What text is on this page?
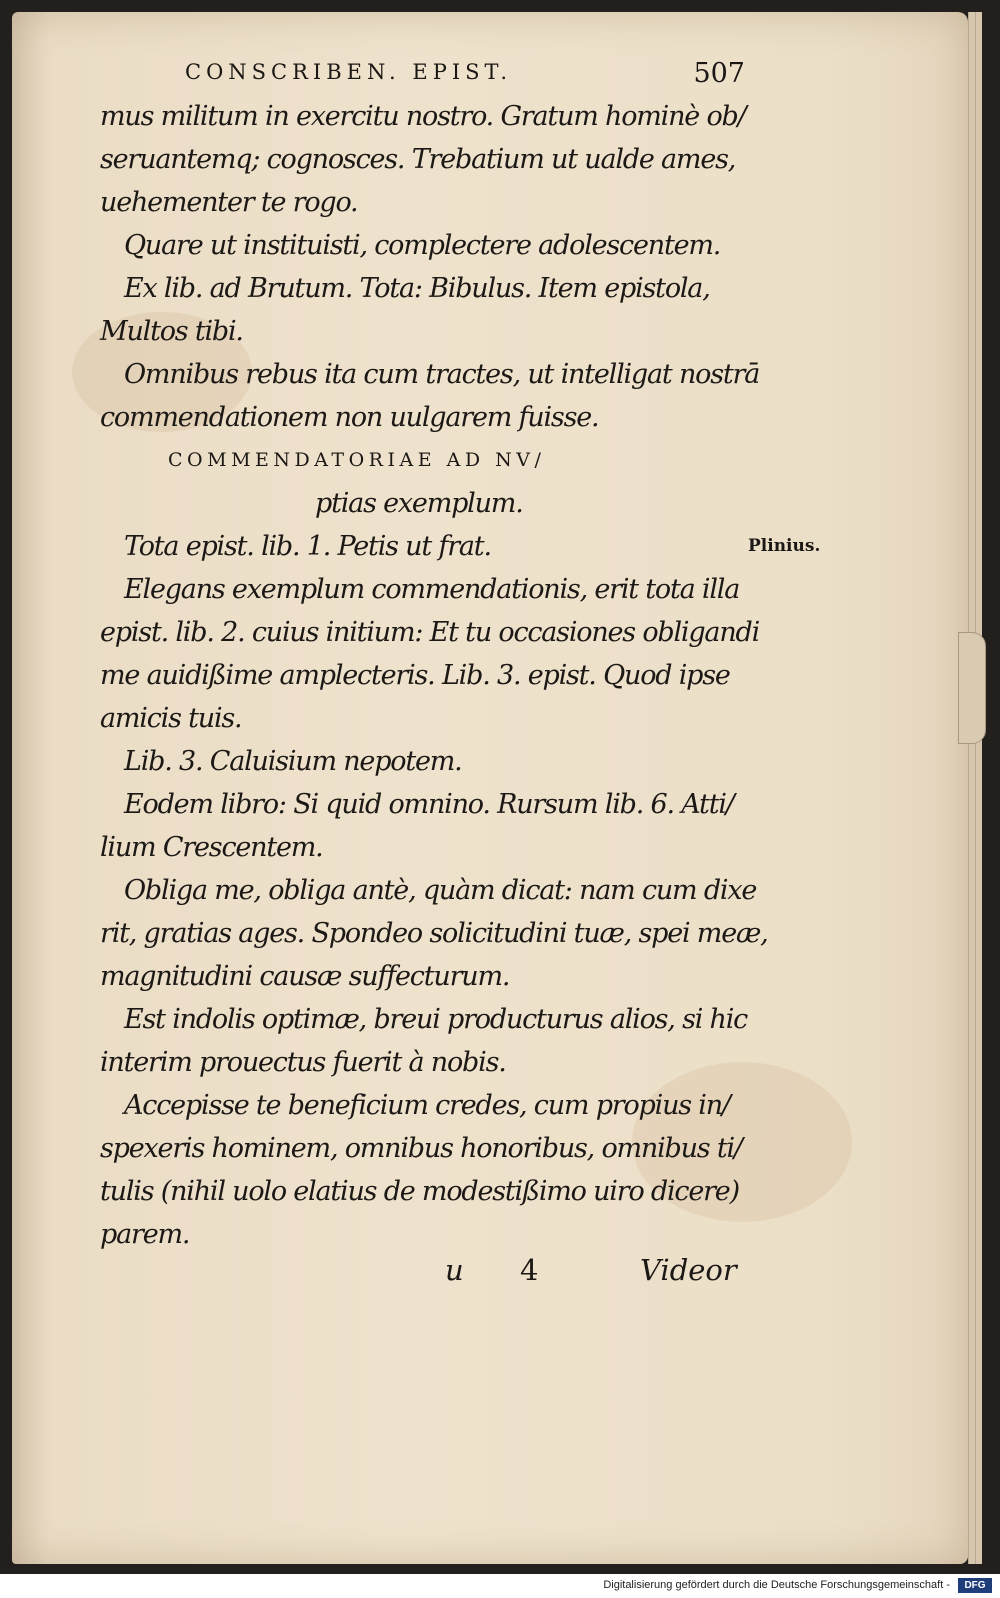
CONSCRIBEN. EPIST.	507
mus militum in exercitu nostro. Gratum hominè ob/
seruantemq; cognosces. Trebatium ut ualde ames,
uehementer te rogo.
Quare ut instituisti, complectere adolescentem.
Ex lib. ad Brutum. Tota: Bibulus. Item epistola,
Multos tibi.
Omnibus rebus ita cum tractes, ut intelligat nostrā
commendationem non uulgarem fuisse.
COMMENDATORIAE AD NV/
ptias exemplum.
Tota epist. lib. 1. Petis ut frat.
Elegans exemplum commendationis, erit tota illa
epist. lib. 2. cuius initium: Et tu occasiones obligandi
me auidißime amplecteris. Lib. 3. epist. Quod ipse
amicis tuis.
Lib. 3. Caluisium nepotem.
Eodem libro: Si quid omnino. Rursum lib. 6. Atti/
lium Crescentem.
Obliga me, obliga antè, quàm dicat: nam cum dixe
rit, gratias ages. Spondeo solicitudini tuæ, spei meæ,
magnitudini causæ suffecturum.
Est indolis optimæ, breui producturus alios, si hic
interim prouectus fuerit à nobis.
Accepisse te beneficium credes, cum propius in/
spexeris hominem, omnibus honoribus, omnibus ti/
tulis (nihil uolo elatius de modestißimo uiro dicere)
parem.
Plinius.
u 4	Videor
Digitalisierung gefördert durch die Deutsche Forschungsgemeinschaft -	DFG
